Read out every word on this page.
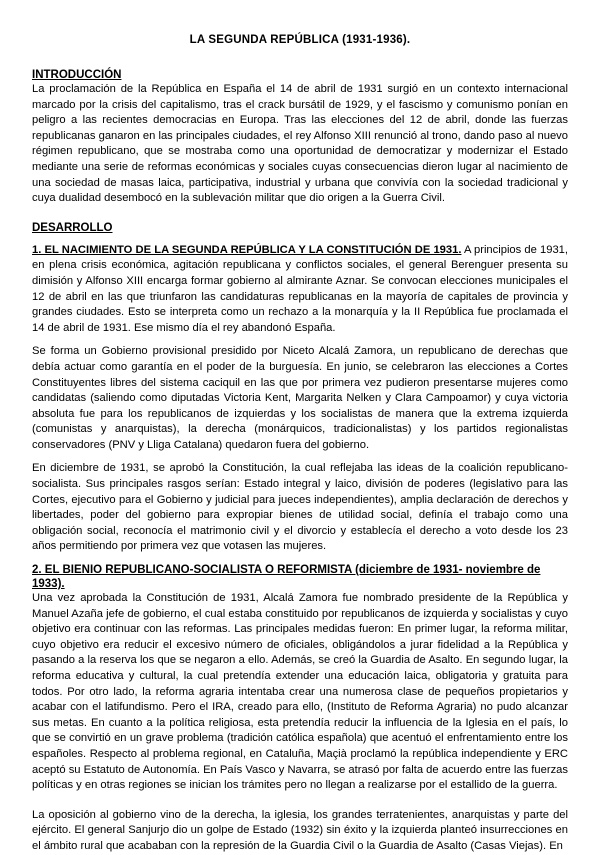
LA SEGUNDA REPÚBLICA (1931-1936).
INTRODUCCIÓN

La proclamación de la República en España el 14 de abril de 1931 surgió en un contexto internacional marcado por la crisis del capitalismo, tras el crack bursátil de 1929, y el fascismo y comunismo ponían en peligro a las recientes democracias en Europa. Tras las elecciones del 12 de abril, donde las fuerzas republicanas ganaron en las principales ciudades, el rey Alfonso XIII renunció al trono, dando paso al nuevo régimen republicano, que se mostraba como una oportunidad de democratizar y modernizar el Estado mediante una serie de reformas económicas y sociales cuyas consecuencias dieron lugar al nacimiento de una sociedad de masas laica, participativa, industrial y urbana que convivía con la sociedad tradicional y cuya dualidad desembocó en la sublevación militar que dio origen a la Guerra Civil.

DESARROLLO

1. EL NACIMIENTO DE LA SEGUNDA REPÚBLICA Y LA CONSTITUCIÓN DE 1931. A principios de 1931, en plena crisis económica, agitación republicana y conflictos sociales, el general Berenguer presenta su dimisión y Alfonso XIII encarga formar gobierno al almirante Aznar. Se convocan elecciones municipales el 12 de abril en las que triunfaron las candidaturas republicanas en la mayoría de capitales de provincia y grandes ciudades. Esto se interpreta como un rechazo a la monarquía y la II República fue proclamada el 14 de abril de 1931. Ese mismo día el rey abandonó España.

Se forma un Gobierno provisional presidido por Niceto Alcalá Zamora, un republicano de derechas que debía actuar como garantía en el poder de la burguesía. En junio, se celebraron las elecciones a Cortes Constituyentes libres del sistema caciquil en las que por primera vez pudieron presentarse mujeres como candidatas (saliendo como diputadas Victoria Kent, Margarita Nelken y Clara Campoamor) y cuya victoria absoluta fue para los republicanos de izquierdas y los socialistas de manera que la extrema izquierda (comunistas y anarquistas), la derecha (monárquicos, tradicionalistas) y los partidos regionalistas conservadores (PNV y Lliga Catalana) quedaron fuera del gobierno.

En diciembre de 1931, se aprobó la Constitución, la cual reflejaba las ideas de la coalición republicano-socialista. Sus principales rasgos serían: Estado integral y laico, división de poderes (legislativo para las Cortes, ejecutivo para el Gobierno y judicial para jueces independientes), amplia declaración de derechos y libertades, poder del gobierno para expropiar bienes de utilidad social, definía el trabajo como una obligación social, reconocía el matrimonio civil y el divorcio y establecía el derecho a voto desde los 23 años permitiendo por primera vez que votasen las mujeres.

2. EL BIENIO REPUBLICANO-SOCIALISTA O REFORMISTA (diciembre de 1931- noviembre de 1933).

Una vez aprobada la Constitución de 1931, Alcalá Zamora fue nombrado presidente de la República y Manuel Azaña jefe de gobierno, el cual estaba constituido por republicanos de izquierda y socialistas y cuyo objetivo era continuar con las reformas. Las principales medidas fueron: En primer lugar, la reforma militar, cuyo objetivo era reducir el excesivo número de oficiales, obligándolos a jurar fidelidad a la República y pasando a la reserva los que se negaron a ello. Además, se creó la Guardia de Asalto. En segundo lugar, la reforma educativa y cultural, la cual pretendía extender una educación laica, obligatoria y gratuita para todos. Por otro lado, la reforma agraria intentaba crear una numerosa clase de pequeños propietarios y acabar con el latifundismo. Pero el IRA, creado para ello, (Instituto de Reforma Agraria) no pudo alcanzar sus metas. En cuanto a la política religiosa, esta pretendía reducir la influencia de la Iglesia en el país, lo que se convirtió en un grave problema (tradición católica española) que acentuó el enfrentamiento entre los españoles. Respecto al problema regional, en Cataluña, Maçià proclamó la república independiente y ERC aceptó su Estatuto de Autonomía. En País Vasco y Navarra, se atrasó por falta de acuerdo entre las fuerzas políticas y en otras regiones se inician los trámites pero no llegan a realizarse por el estallido de la guerra.

La oposición al gobierno vino de la derecha, la iglesia, los grandes terratenientes, anarquistas y parte del ejército. El general Sanjurjo dio un golpe de Estado (1932) sin éxito y la izquierda planteó insurrecciones en el ámbito rural que acababan con la represión de la Guardia Civil o la Guardia de Asalto (Casas Viejas). En
